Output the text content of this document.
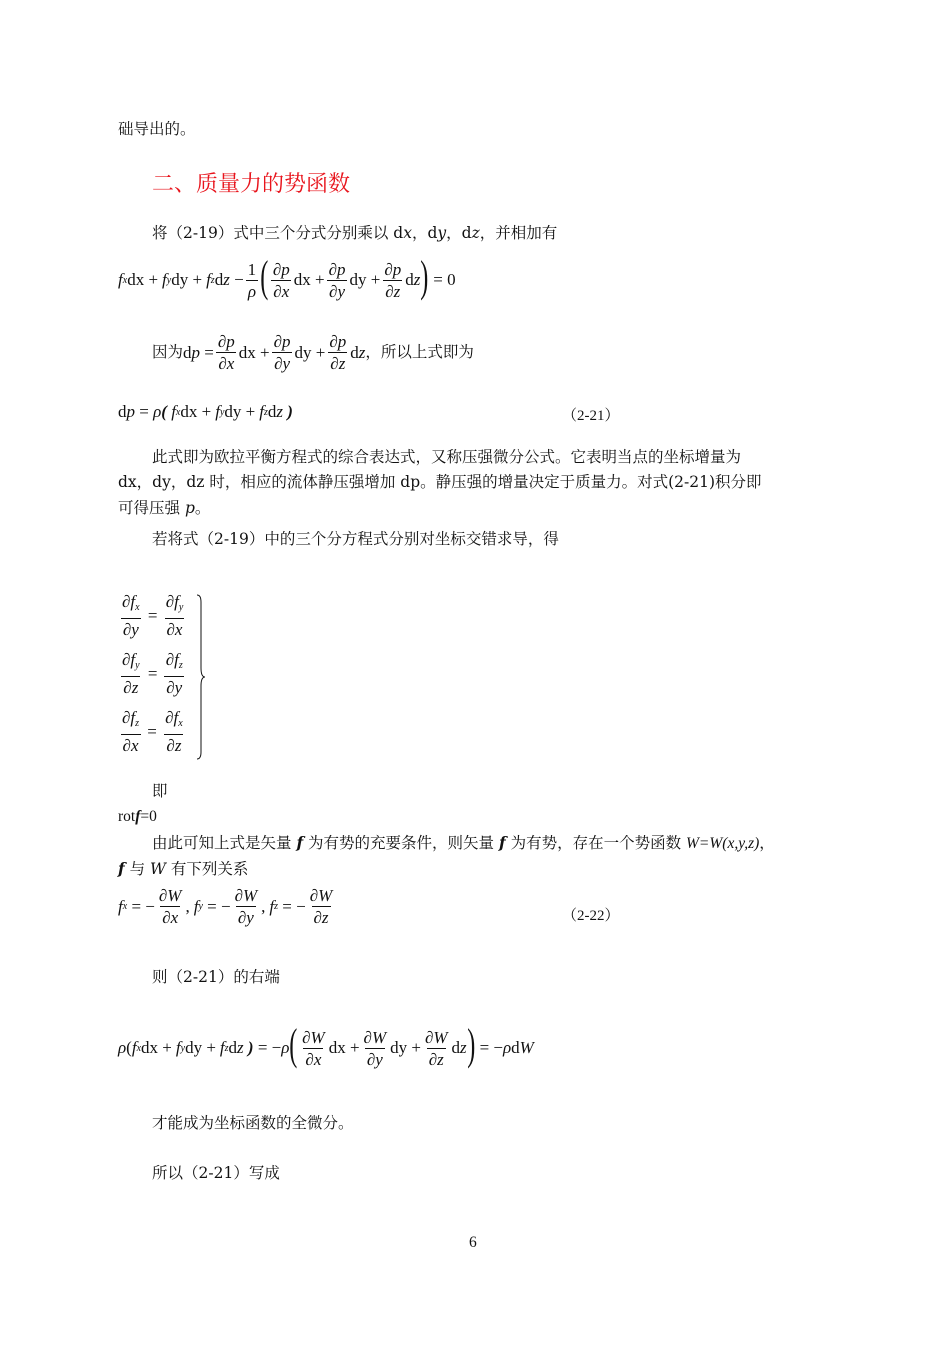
础导出的。
二、质量力的势函数
将（2-19）式中三个分式分别乘以 dx，dy，dz，并相加有
f x dx + f y dy + f z d $z - \frac{1}{\rho}$ ( $\frac{\partial p}{\partial x}$ dx + $\frac{\partial p}{\partial y}$ dy + $\frac{\partial p}{\partial z}$ d z ) = 0
因为 d $p = \frac{\partial p}{\partial x}$ dx + $\frac{\partial p}{\partial y}$ dy + $\frac{\partial p}{\partial z}$ d z ，所以上式即为
d p = ρ (
f x dx + f y dy + f z d z
)	（2-21）
此式即为欧拉平衡方程式的综合表达式，又称压强微分公式。它表明当点的坐标增量为
dx，dy，dz 时，相应的流体静压强增加 dp。静压强的增量决定于质量力。对式(2-21)积分即
可得压强 p。
若将式（2-19）中的三个分方程式分别对坐标交错求导，得
$\frac{\partial f_x}{\partial y} = \frac{\partial f_y}{\partial x}$
$\frac{\partial f_y}{\partial z} = \frac{\partial f_z}{\partial y}$
$\frac{\partial f_z}{\partial x} = \frac{\partial f_x}{\partial z}$
即
rotf=0
由此可知上式是矢量 f 为有势的充要条件，则矢量 f 为有势，存在一个势函数 W=W(x,y,z)，
f 与 W 有下列关系
f x = − $\frac{\partial W}{\partial x}$ , f y = − $\frac{\partial W}{\partial y}$ , f z = − $\frac{\partial W}{\partial z}$	（2-22）
则（2-21）的右端
ρ ( f x dx + f y dy + f z d z
) = − ρ ( $\frac{\partial W}{\partial x}$ dx + $\frac{\partial W}{\partial y}$ dy + $\frac{\partial W}{\partial z}$ d z ) = − ρ d W
才能成为坐标函数的全微分。
所以（2-21）写成
6
